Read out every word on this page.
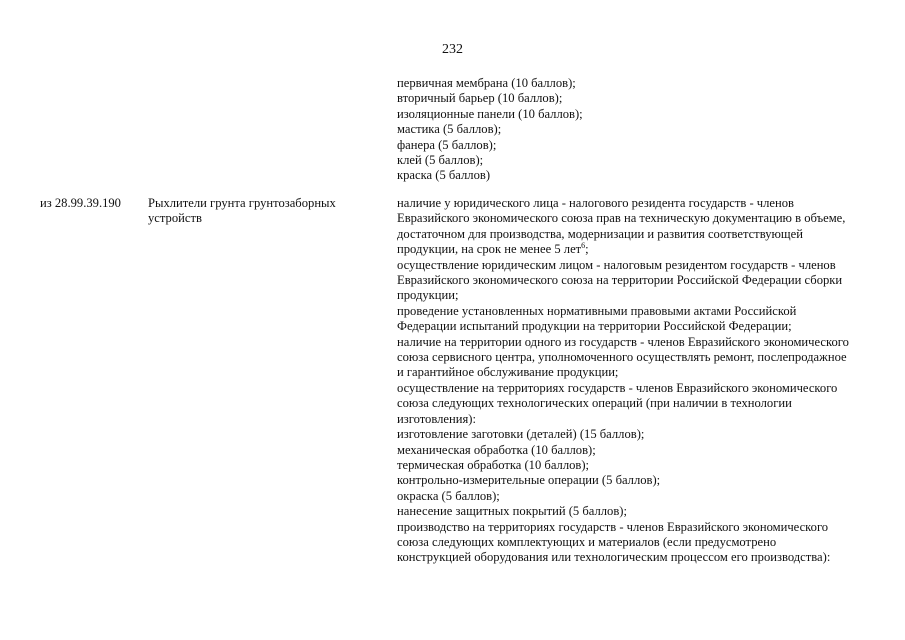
232
первичная мембрана (10 баллов);
вторичный барьер (10 баллов);
изоляционные панели (10 баллов);
мастика (5 баллов);
фанера (5 баллов);
клей (5 баллов);
краска (5 баллов)
из 28.99.39.190	Рыхлители грунта грунтозаборных
устройств
наличие у юридического лица - налогового резидента государств - членов
Евразийского экономического союза прав на техническую документацию в объеме,
достаточном для производства, модернизации и развития соответствующей
продукции, на срок не менее 5 лет$^6$;
осуществление юридическим лицом - налоговым резидентом государств - членов
Евразийского экономического союза на территории Российской Федерации сборки
продукции;
проведение установленных нормативными правовыми актами Российской
Федерации испытаний продукции на территории Российской Федерации;
наличие на территории одного из государств - членов Евразийского экономического
союза сервисного центра, уполномоченного осуществлять ремонт, послепродажное
и гарантийное обслуживание продукции;
осуществление на территориях государств - членов Евразийского экономического
союза следующих технологических операций (при наличии в технологии
изготовления):
изготовление заготовки (деталей) (15 баллов);
механическая обработка (10 баллов);
термическая обработка (10 баллов);
контрольно-измерительные операции (5 баллов);
окраска (5 баллов);
нанесение защитных покрытий (5 баллов);
производство на территориях государств - членов Евразийского экономического
союза следующих комплектующих и материалов (если предусмотрено
конструкцией оборудования или технологическим процессом его производства):
